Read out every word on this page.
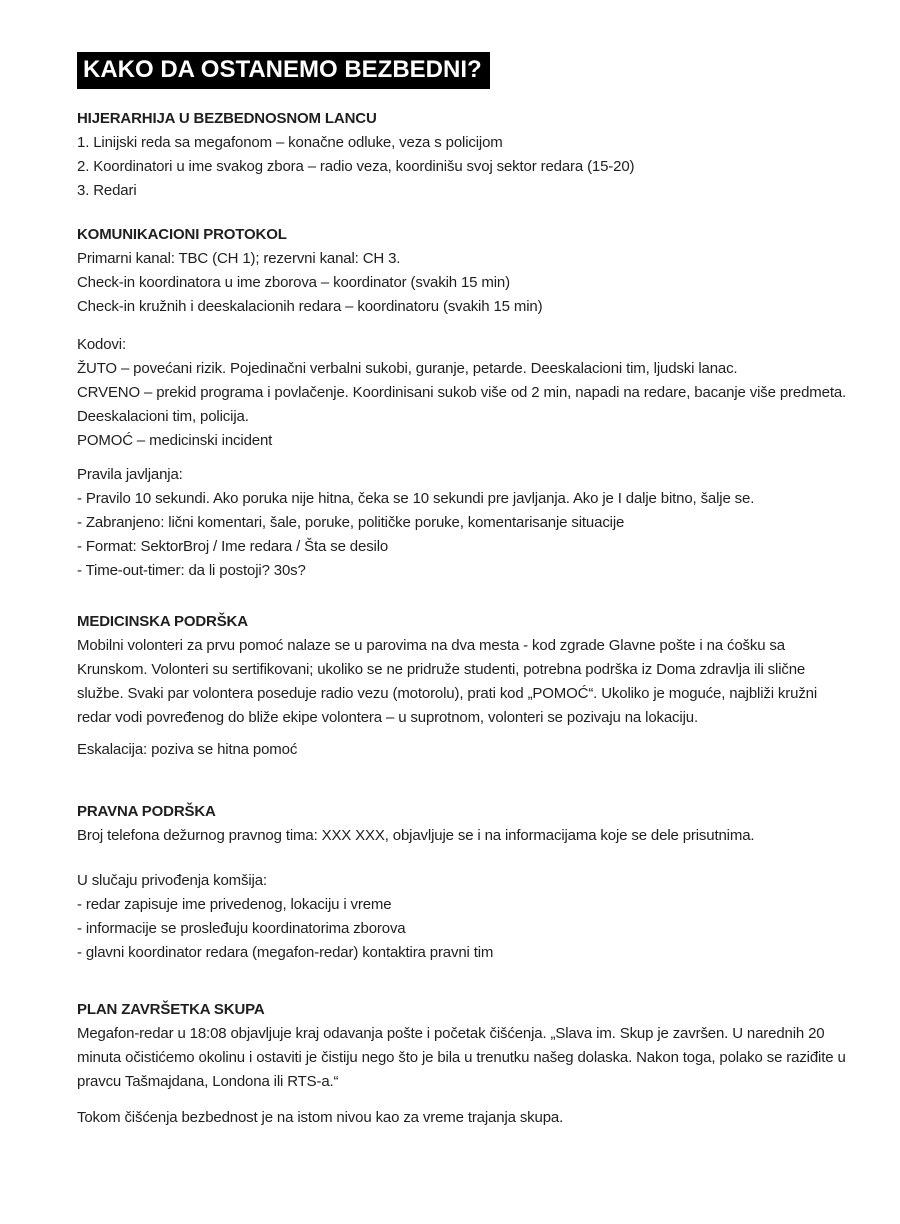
KAKO DA OSTANEMO BEZBEDNI?

HIJERARHIJA U BEZBEDNOSNOM LANCU

1. Linijski reda sa megafonom – konačne odluke, veza s policijom

2. Koordinatori u ime svakog zbora – radio veza, koordinišu svoj sektor redara (15-20)

3. Redari

KOMUNIKACIONI PROTOKOL

Primarni kanal: TBC (CH 1); rezervni kanal: CH 3.

Check-in koordinatora u ime zborova – koordinator (svakih 15 min)

Check-in kružnih i deeskalacionih redara – koordinatoru (svakih 15 min)

Kodovi:

ŽUTO – povećani rizik. Pojedinačni verbalni sukobi, guranje, petarde. Deeskalacioni tim, ljudski lanac.

CRVENO – prekid programa i povlačenje. Koordinisani sukob više od 2 min, napadi na redare, bacanje više predmeta. Deeskalacioni tim, policija.

POMOĆ – medicinski incident

Pravila javljanja:

- Pravilo 10 sekundi. Ako poruka nije hitna, čeka se 10 sekundi pre javljanja. Ako je I dalje bitno, šalje se.

- Zabranjeno: lični komentari, šale, poruke, političke poruke, komentarisanje situacije

- Format: SektorBroj / Ime redara / Šta se desilo

- Time-out-timer: da li postoji? 30s?

MEDICINSKA PODRŠKA

Mobilni volonteri za prvu pomoć nalaze se u parovima na dva mesta - kod zgrade Glavne pošte i na ćošku sa Krunskom. Volonteri su sertifikovani; ukoliko se ne pridruže studenti, potrebna podrška iz Doma zdravlja ili slične službe. Svaki par volontera poseduje radio vezu (motorolu), prati kod „POMOĆ“. Ukoliko je moguće, najbliži kružni redar vodi povređenog do bliže ekipe volontera – u suprotnom, volonteri se pozivaju na lokaciju.

Eskalacija: poziva se hitna pomoć

PRAVNA PODRŠKA

Broj telefona dežurnog pravnog tima: XXX XXX, objavljuje se i na informacijama koje se dele prisutnima.

U slučaju privođenja komšija:

- redar zapisuje ime privedenog, lokaciju i vreme

- informacije se prosleđuju koordinatorima zborova

- glavni koordinator redara (megafon-redar) kontaktira pravni tim

PLAN ZAVRŠETKA SKUPA

Megafon-redar u 18:08 objavljuje kraj odavanja pošte i početak čišćenja. „Slava im. Skup je završen. U narednih 20 minuta očistićemo okolinu i ostaviti je čistiju nego što je bila u trenutku našeg dolaska. Nakon toga, polako se raziđite u pravcu Tašmajdana, Londona ili RTS-a.“

Tokom čišćenja bezbednost je na istom nivou kao za vreme trajanja skupa.
